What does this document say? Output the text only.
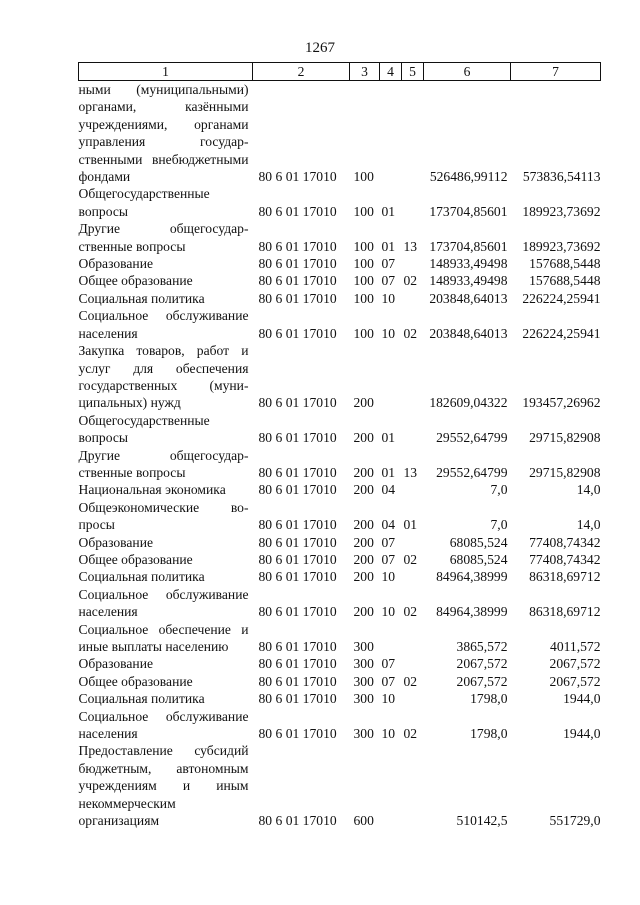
1267
1	2	3	4	5	6	7
ными (муниципальными) органами, казёнными учреждениями, органами управления государственными внебюджетными фондами	80 6 01 17010	100			526486,99112	573836,54113
Общегосударственные вопросы	80 6 01 17010	100	01		173704,85601	189923,73692
Другие общегосударственные вопросы	80 6 01 17010	100	01	13	173704,85601	189923,73692
Образование	80 6 01 17010	100	07		148933,49498	157688,5448
Общее образование	80 6 01 17010	100	07	02	148933,49498	157688,5448
Социальная политика	80 6 01 17010	100	10		203848,64013	226224,25941
Социальное обслуживание населения	80 6 01 17010	100	10	02	203848,64013	226224,25941
Закупка товаров, работ и услуг для обеспечения государственных (муниципальных) нужд	80 6 01 17010	200			182609,04322	193457,26962
Общегосударственные вопросы	80 6 01 17010	200	01		29552,64799	29715,82908
Другие общегосударственные вопросы	80 6 01 17010	200	01	13	29552,64799	29715,82908
Национальная экономика	80 6 01 17010	200	04		7,0	14,0
Общеэкономические вопросы	80 6 01 17010	200	04	01	7,0	14,0
Образование	80 6 01 17010	200	07		68085,524	77408,74342
Общее образование	80 6 01 17010	200	07	02	68085,524	77408,74342
Социальная политика	80 6 01 17010	200	10		84964,38999	86318,69712
Социальное обслуживание населения	80 6 01 17010	200	10	02	84964,38999	86318,69712
Социальное обеспечение и иные выплаты населению	80 6 01 17010	300			3865,572	4011,572
Образование	80 6 01 17010	300	07		2067,572	2067,572
Общее образование	80 6 01 17010	300	07	02	2067,572	2067,572
Социальная политика	80 6 01 17010	300	10		1798,0	1944,0
Социальное обслуживание населения	80 6 01 17010	300	10	02	1798,0	1944,0
Предоставление субсидий бюджетным, автономным учреждениям и иным некоммерческим организациям	80 6 01 17010	600			510142,5	551729,0
